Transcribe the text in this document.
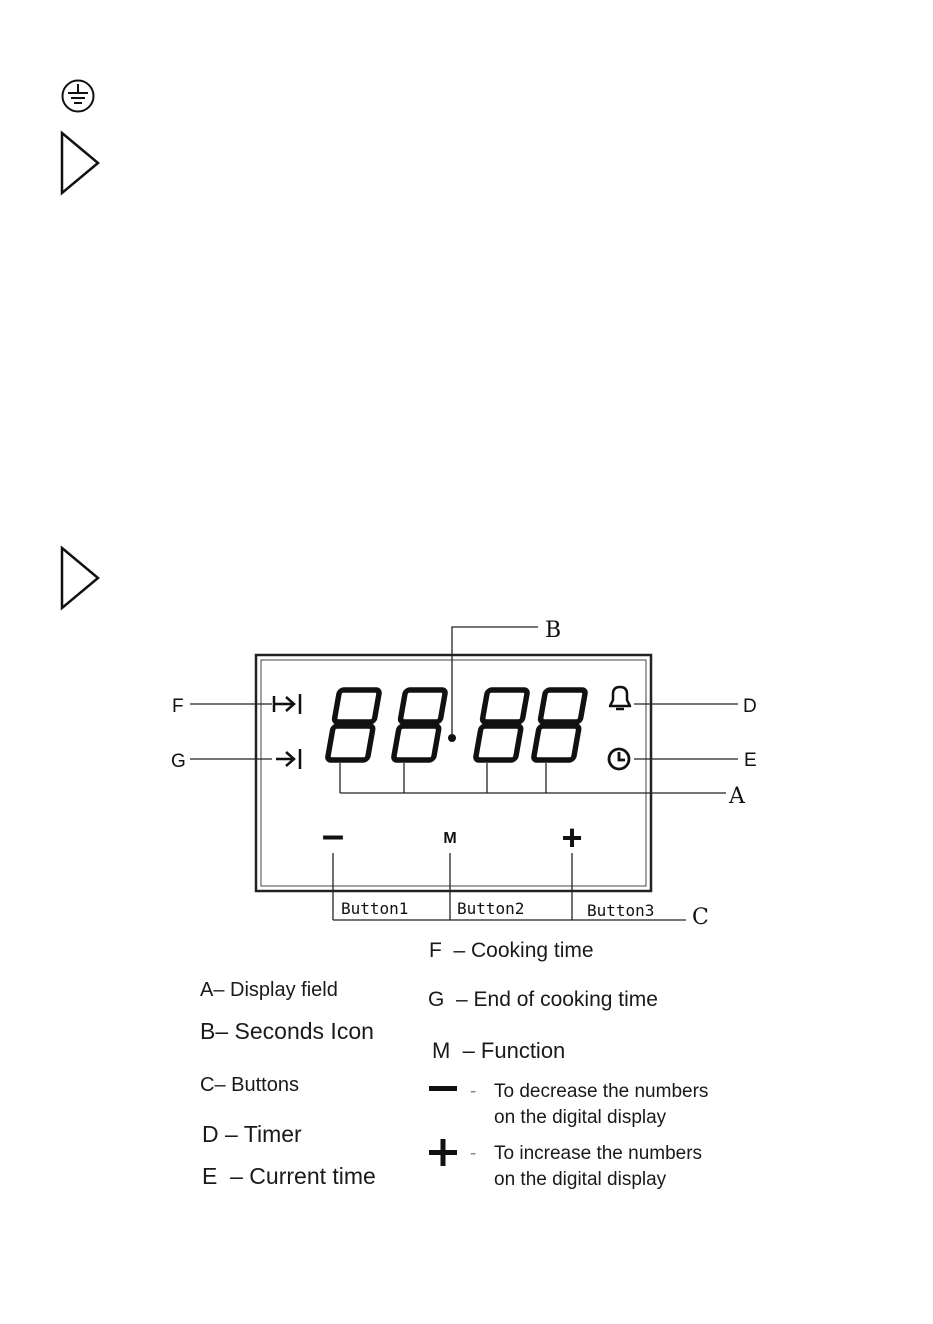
–	M	+
Button1	Button2	Button3
B
F
G
D
E
A
C
A– Display field
B– Seconds Icon
C– Buttons
D – Timer
E – Current time
F – Cooking time
G – End of cooking time
M – Function
- To decrease the numbers
on the digital display
- To increase the numbers
on the digital display
